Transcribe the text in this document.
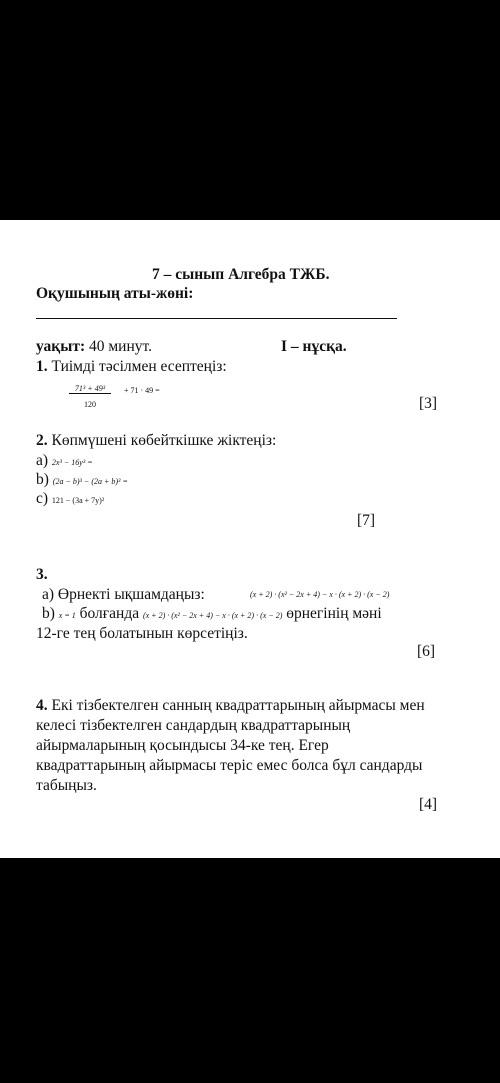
7 – сынып Алгебра ТЖБ.
Оқушының аты-жөні:
уақыт: 40 минут.	І – нұсқа.
1. Тиімді тәсілмен есептеңіз:
$\frac{\text{71³ + 49³}}{120} + 71 \cdot 49$ =
[3]
2. Көпмүшені көбейткішке жіктеңіз:
a) 2x³ − 16y³ =
b) (2a − b)³ − (2a + b)³ =
c) 121 − (3a + 7y)²
[7]
3.
a) Өрнекті ықшамдаңыз:	(x + 2) · (x² − 2x + 4) − x · (x + 2) · (x − 2)
b) x = 1 болғанда (x + 2) · (x² − 2x + 4) − x · (x + 2) · (x − 2) өрнегінің мәні
12-ге тең болатынын көрсетіңіз.
[6]
4. Екі тізбектелген санның квадраттарының айырмасы мен
келесі тізбектелген сандардың квадраттарының
айырмаларының қосындысы 34-ке тең. Егер
квадраттарының айырмасы теріс емес болса бұл сандарды
табыңыз.
[4]
